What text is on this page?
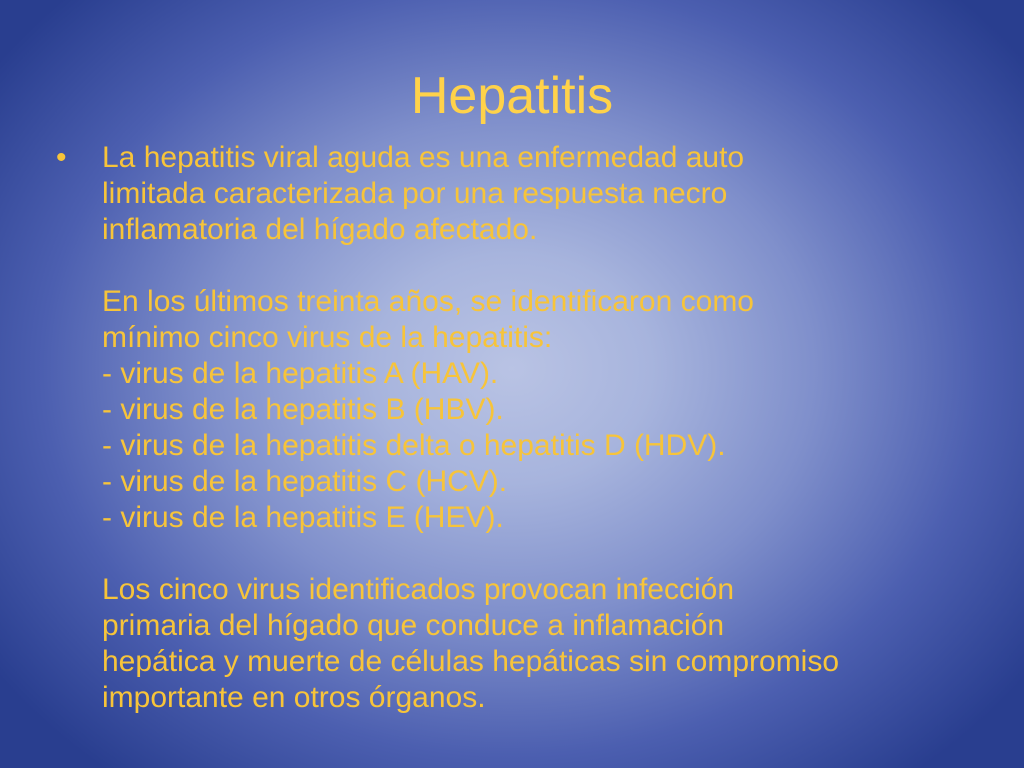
Hepatitis
• La hepatitis viral aguda es una enfermedad auto
limitada caracterizada por una respuesta necro
inflamatoria del hígado afectado.
En los últimos treinta años, se identificaron como
mínimo cinco virus de la hepatitis:
- virus de la hepatitis A (HAV).
- virus de la hepatitis B (HBV).
- virus de la hepatitis delta o hepatitis D (HDV).
- virus de la hepatitis C (HCV).
- virus de la hepatitis E (HEV).
Los cinco virus identificados provocan infección
primaria del hígado que conduce a inflamación
hepática y muerte de células hepáticas sin compromiso
importante en otros órganos.
